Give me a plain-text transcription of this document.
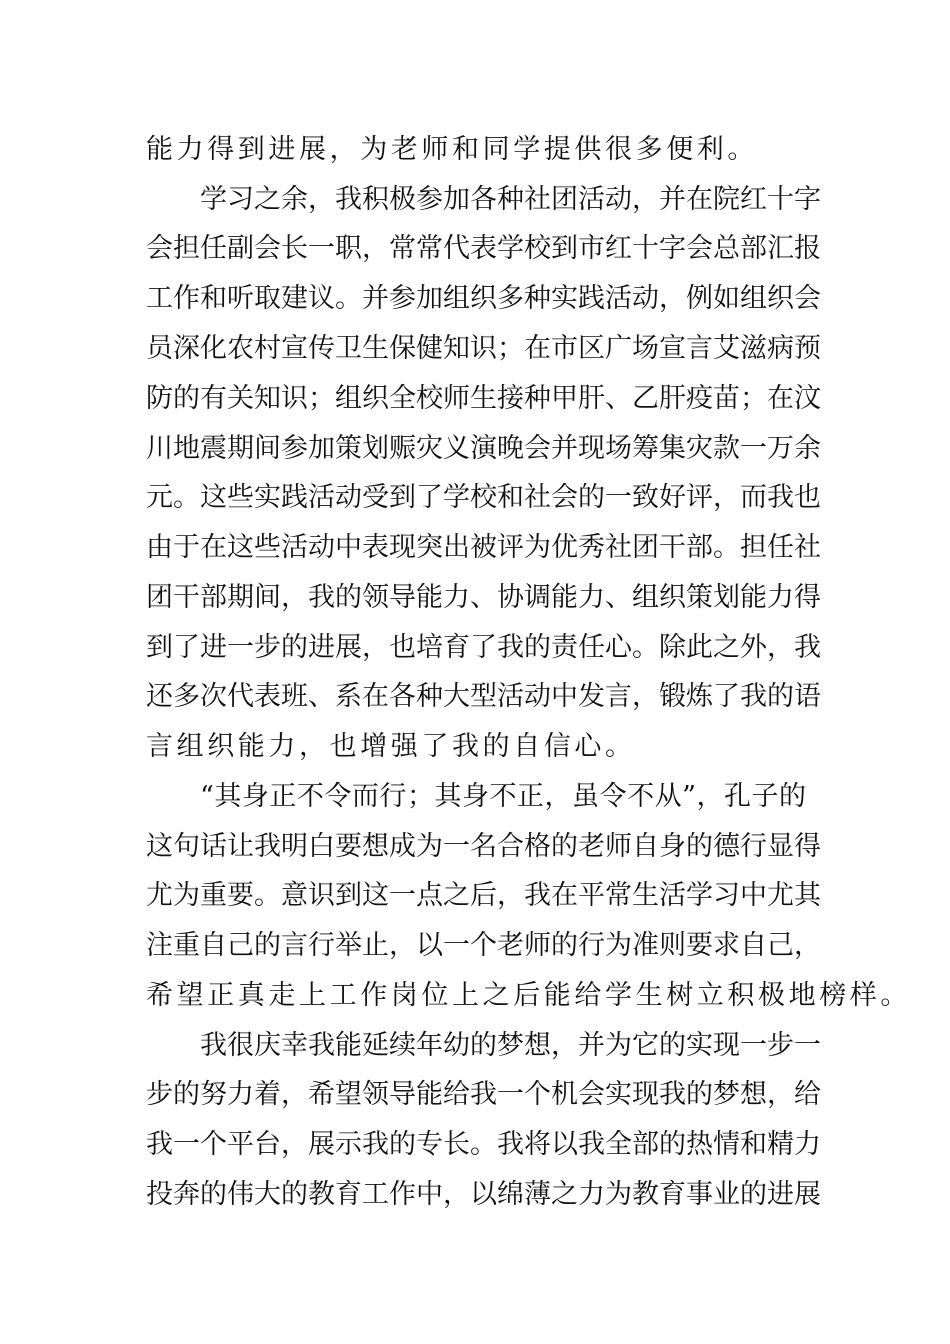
能力得到进展，为老师和同学提供很多便利。
学习之余，我积极参加各种社团活动，并在院红十字
会担任副会长一职，常常代表学校到市红十字会总部汇报
工作和听取建议。并参加组织多种实践活动，例如组织会
员深化农村宣传卫生保健知识；在市区广场宣言艾滋病预
防的有关知识；组织全校师生接种甲肝、乙肝疫苗；在汶
川地震期间参加策划赈灾义演晚会并现场筹集灾款一万余
元。这些实践活动受到了学校和社会的一致好评，而我也
由于在这些活动中表现突出被评为优秀社团干部。担任社
团干部期间，我的领导能力、协调能力、组织策划能力得
到了进一步的进展，也培育了我的责任心。除此之外，我
还多次代表班、系在各种大型活动中发言，锻炼了我的语
言组织能力，也增强了我的自信心。
“其身正不令而行；其身不正，虽令不从”，孔子的
这句话让我明白要想成为一名合格的老师自身的德行显得
尤为重要。意识到这一点之后，我在平常生活学习中尤其
注重自己的言行举止，以一个老师的行为准则要求自己，
希望正真走上工作岗位上之后能给学生树立积极地榜样。
我很庆幸我能延续年幼的梦想，并为它的实现一步一
步的努力着，希望领导能给我一个机会实现我的梦想，给
我一个平台，展示我的专长。我将以我全部的热情和精力
投奔的伟大的教育工作中，以绵薄之力为教育事业的进展
